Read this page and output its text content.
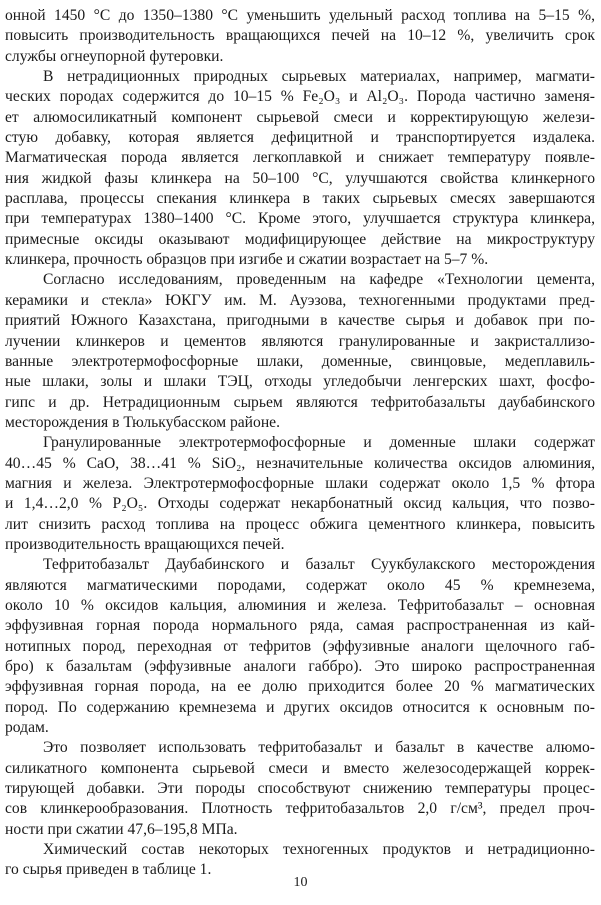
онной 1450 °С до 1350–1380 °С уменьшить удельный расход топлива на 5–15 %,
повысить производительность вращающихся печей на 10–12 %, увеличить срок
службы огнеупорной футеровки.
В нетрадиционных природных сырьевых материалах, например, магмати-
ческих породах содержится до 10–15 % Fe₂O₃ и Al₂O₃. Порода частично заменя-
ет алюмосиликатный компонент сырьевой смеси и корректирующую желези-
стую добавку, которая является дефицитной и транспортируется издалека.
Магматическая порода является легкоплавкой и снижает температуру появле-
ния жидкой фазы клинкера на 50–100 °С, улучшаются свойства клинкерного
расплава, процессы спекания клинкера в таких сырьевых смесях завершаются
при температурах 1380–1400 °С. Кроме этого, улучшается структура клинкера,
примесные оксиды оказывают модифицирующее действие на микроструктуру
клинкера, прочность образцов при изгибе и сжатии возрастает на 5–7 %.
Согласно исследованиям, проведенным на кафедре «Технологии цемента,
керамики и стекла» ЮКГУ им. М. Ауэзова, техногенными продуктами пред-
приятий Южного Казахстана, пригодными в качестве сырья и добавок при по-
лучении клинкеров и цементов являются гранулированные и закристаллизо-
ванные электротермофосфорные шлаки, доменные, свинцовые, медеплавиль-
ные шлаки, золы и шлаки ТЭЦ, отходы угледобычи ленгерских шахт, фосфо-
гипс и др. Нетрадиционным сырьем являются тефритобазальты даубабинского
месторождения в Тюлькубасском районе.
Гранулированные электротермофосфорные и доменные шлаки содержат
40…45 % CaO, 38…41 % SiO₂, незначительные количества оксидов алюминия,
магния и железа. Электротермофосфорные шлаки содержат около 1,5 % фтора
и 1,4…2,0 % P₂O₅. Отходы содержат некарбонатный оксид кальция, что позво-
лит снизить расход топлива на процесс обжига цементного клинкера, повысить
производительность вращающихся печей.
Тефритобазальт Даубабинского и базальт Суукбулакского месторождения
являются магматическими породами, содержат около 45 % кремнезема,
около 10 % оксидов кальция, алюминия и железа. Тефритобазальт – основная
эффузивная горная порода нормального ряда, самая распространенная из кай-
нотипных пород, переходная от тефритов (эффузивные аналоги щелочного габ-
бро) к базальтам (эффузивные аналоги габбро). Это широко распространенная
эффузивная горная порода, на ее долю приходится более 20 % магматических
пород. По содержанию кремнезема и других оксидов относится к основным по-
родам.
Это позволяет использовать тефритобазальт и базальт в качестве алюмо-
силикатного компонента сырьевой смеси и вместо железосодержащей коррек-
тирующей добавки. Эти породы способствуют снижению температуры процес-
сов клинкерообразования. Плотность тефритобазальтов 2,0 г/см³, предел проч-
ности при сжатии 47,6–195,8 МПа.
Химический состав некоторых техногенных продуктов и нетрадиционно-
го сырья приведен в таблице 1.
10
